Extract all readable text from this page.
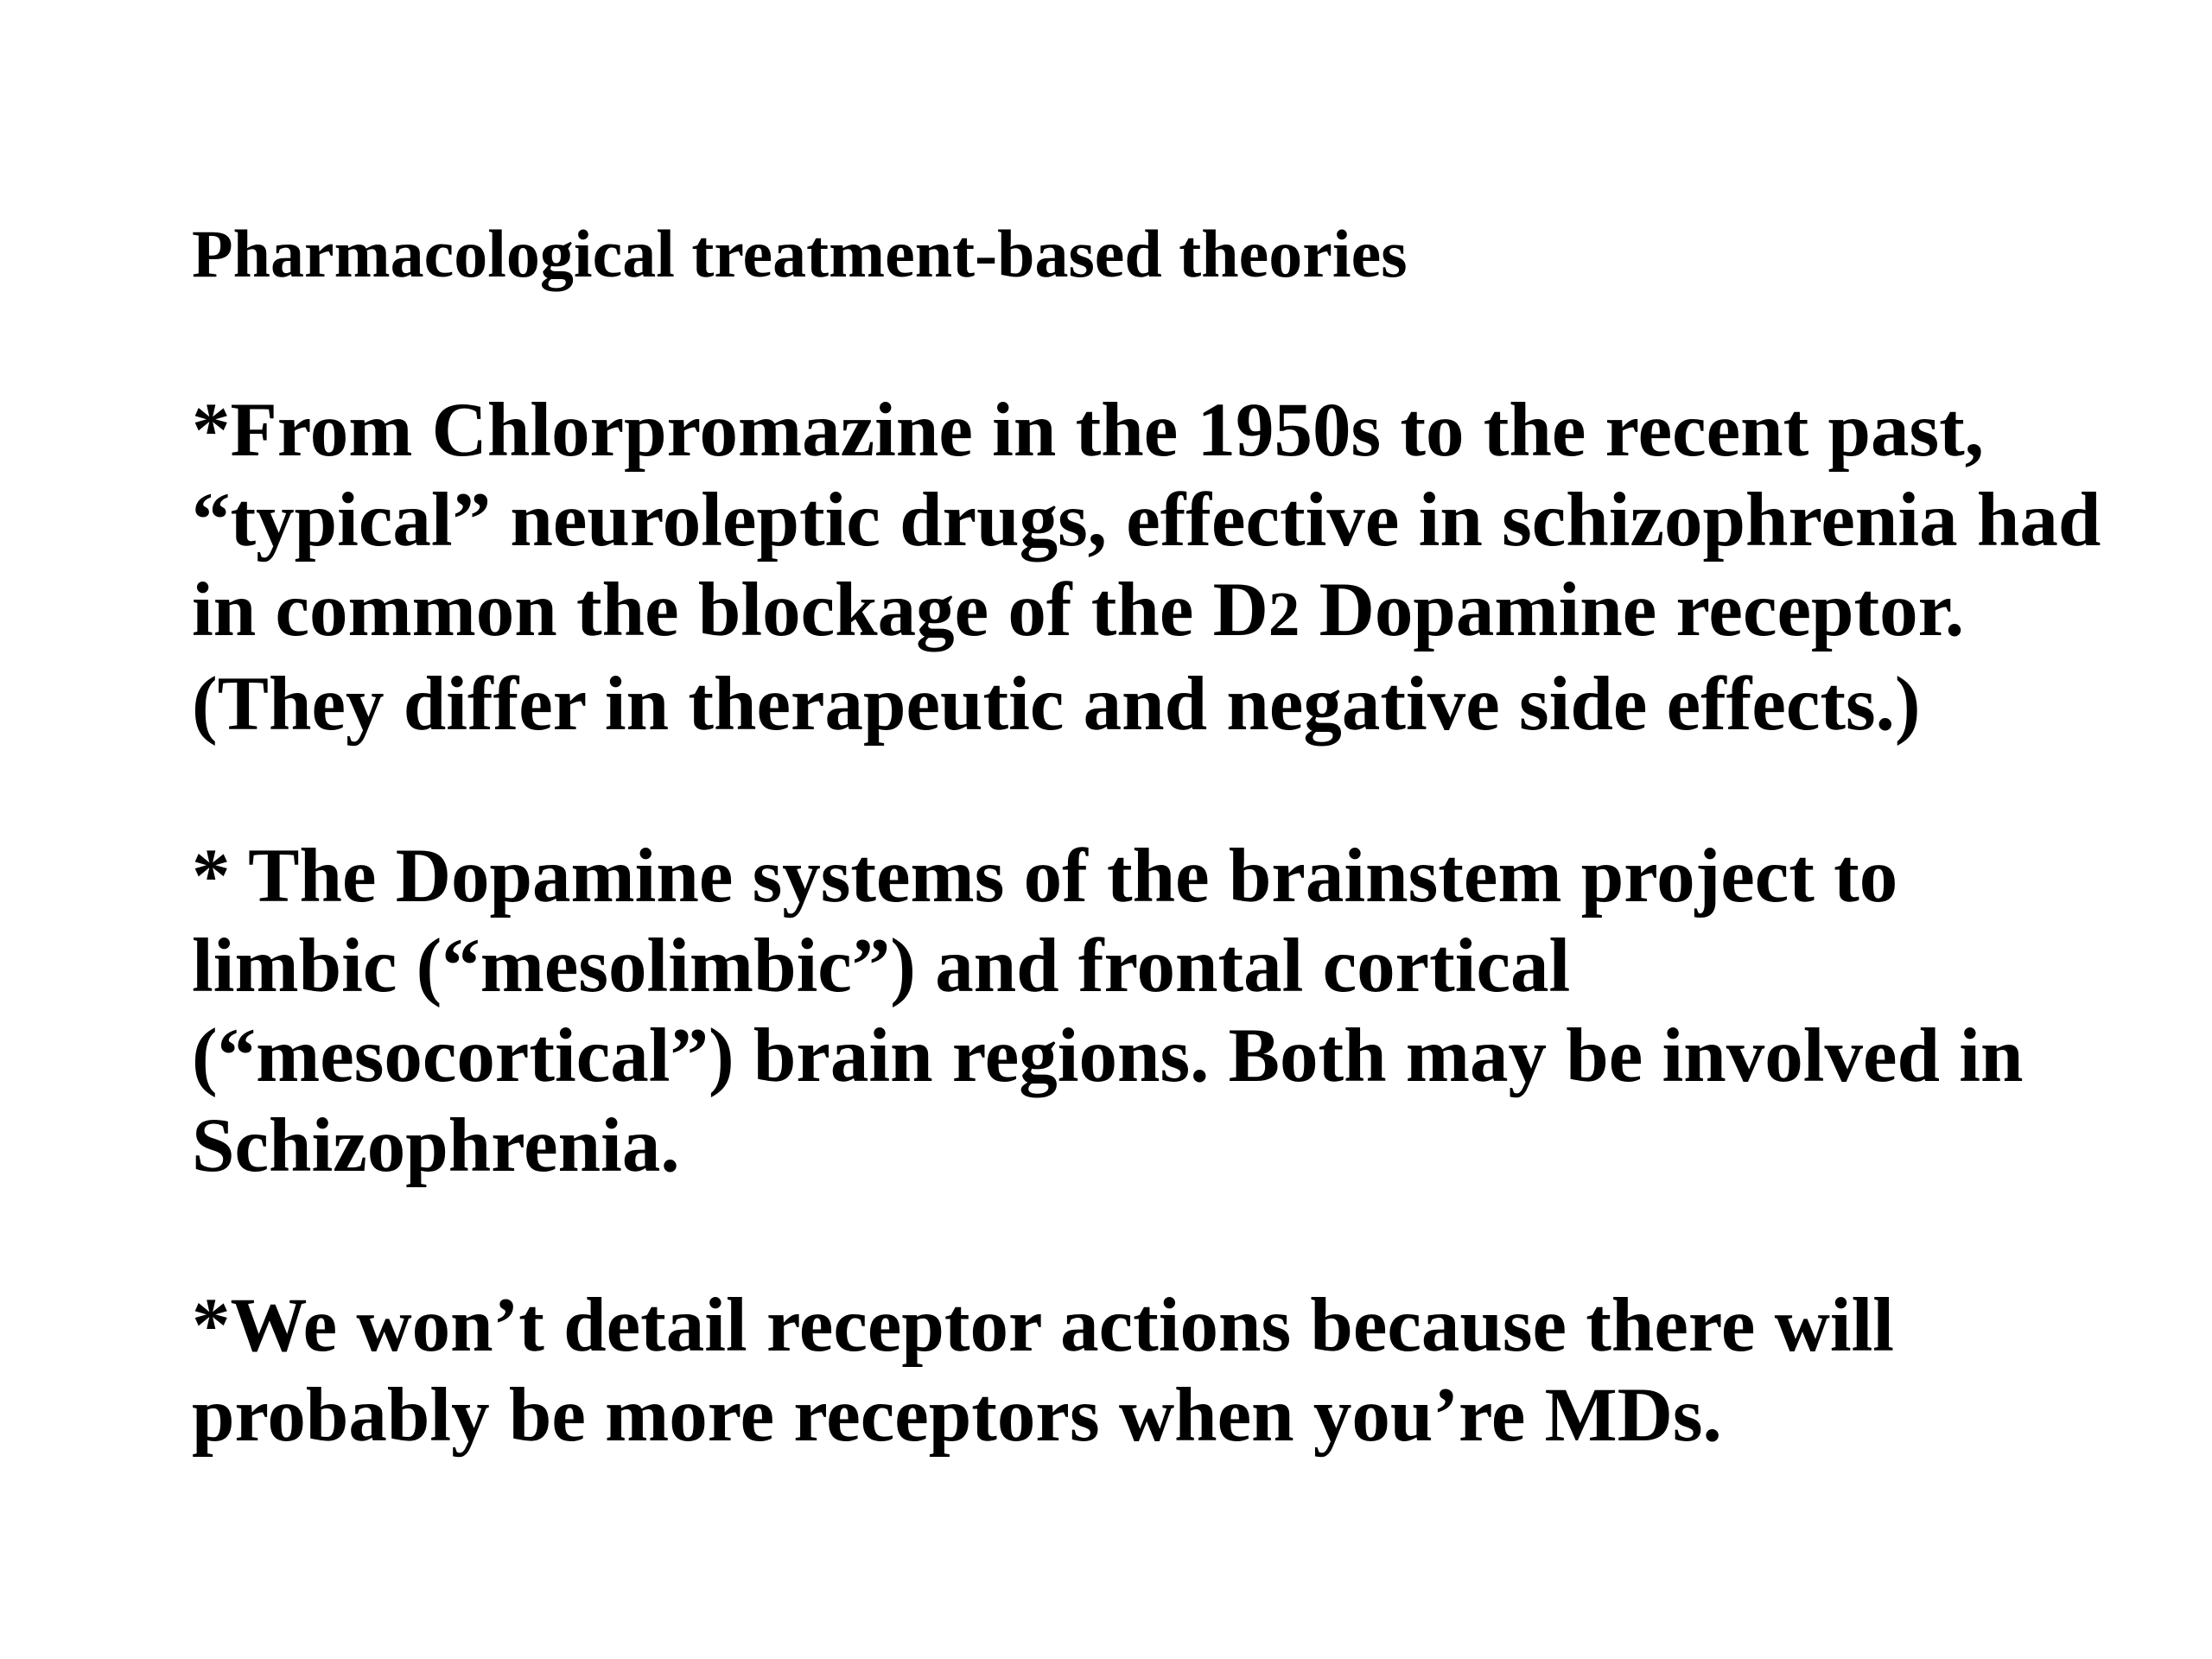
Pharmacological treatment-based theories

*From Chlorpromazine in the 1950s to the recent past,
“typical” neuroleptic drugs, effective in schizophrenia had
in common the blockage of the D2 Dopamine receptor.
(They differ in therapeutic and negative side effects.)

* The Dopamine systems of the brainstem project to
limbic (“mesolimbic”) and frontal cortical
(“mesocortical”) brain regions. Both may be involved in
Schizophrenia.

*We won’t detail receptor actions because there will
probably be more receptors when you’re MDs.
